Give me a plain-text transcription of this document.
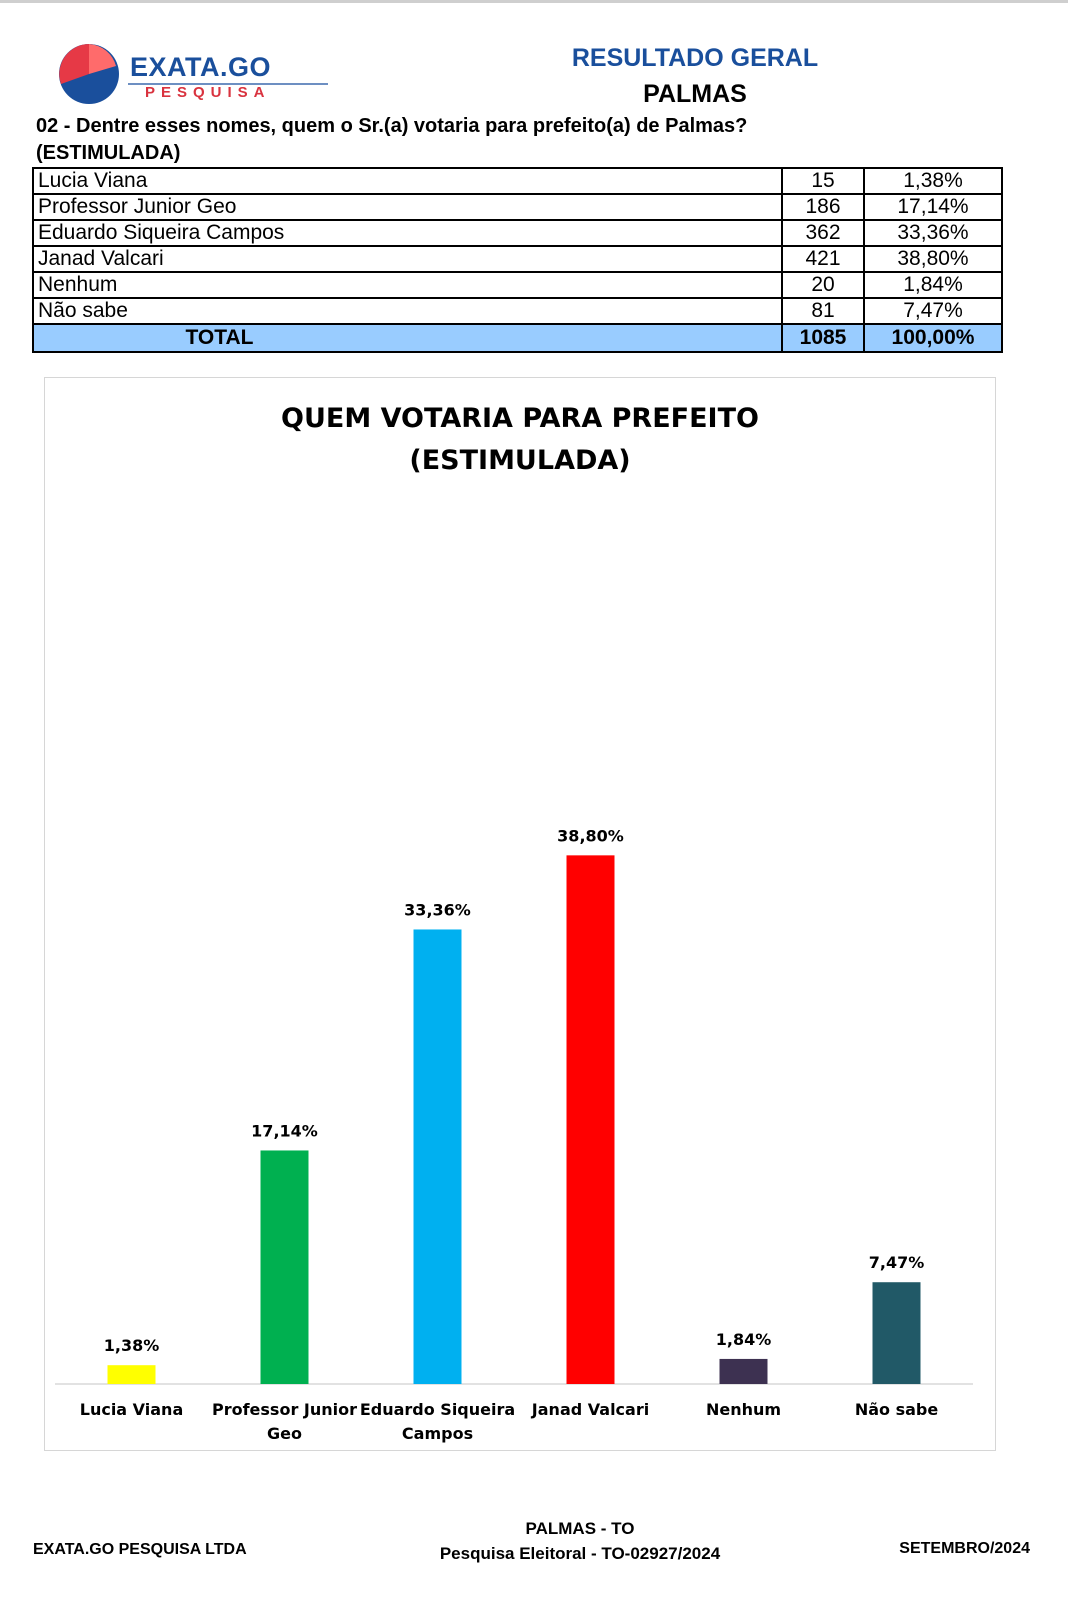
EXATA.GO
PESQUISA
RESULTADO GERAL
PALMAS
02 - Dentre esses nomes, quem o Sr.(a) votaria para prefeito(a) de Palmas?
(ESTIMULADA)
Lucia Viana	15	1,38%
Professor Junior Geo	186	17,14%
Eduardo Siqueira Campos	362	33,36%
Janad Valcari	421	38,80%
Nenhum	20	1,84%
Não sabe	81	7,47%
TOTAL	1085	100,00%
QUEM VOTARIA PARA PREFEITO
(ESTIMULADA)
1,38%
Lucia Viana
17,14%
Professor Junior
Geo
33,36%
Eduardo Siqueira
Campos
38,80%
Janad Valcari
1,84%
Nenhum
7,47%
Não sabe
EXATA.GO PESQUISA LTDA
PALMAS - TO
Pesquisa Eleitoral - TO-02927/2024	SETEMBRO/2024
